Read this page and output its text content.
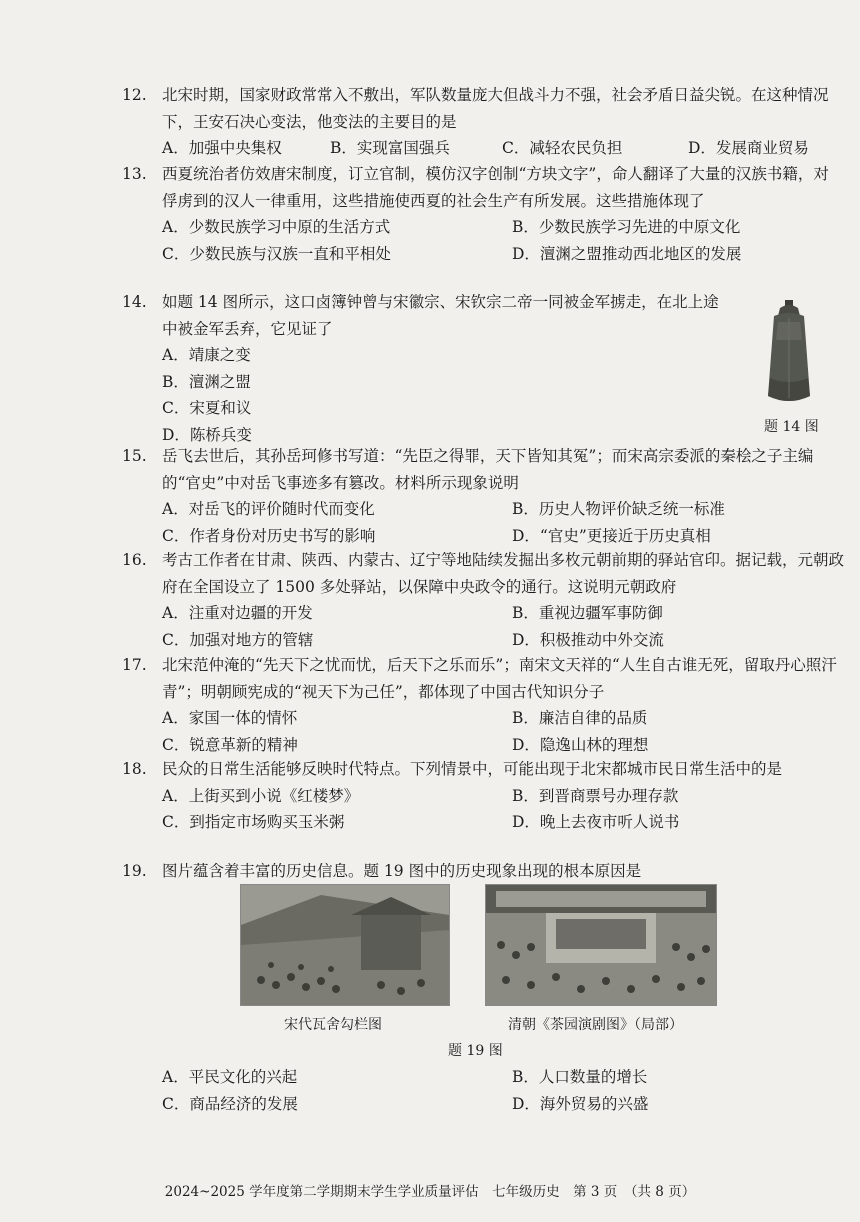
12. 北宋时期，国家财政常常入不敷出，军队数量庞大但战斗力不强，社会矛盾日益尖锐。在这种情况下，王安石决心变法，他变法的主要目的是
A．加强中央集权	B．实现富国强兵	C．减轻农民负担	D．发展商业贸易
13. 西夏统治者仿效唐宋制度，订立官制，模仿汉字创制“方块文字”，命人翻译了大量的汉族书籍，对俘虏到的汉人一律重用，这些措施使西夏的社会生产有所发展。这些措施体现了
A．少数民族学习中原的生活方式	B．少数民族学习先进的中原文化
C．少数民族与汉族一直和平相处	D．澶渊之盟推动西北地区的发展
14. 如题 14 图所示，这口卤簿钟曾与宋徽宗、宋钦宗二帝一同被金军掳走，在北上途中被金军丢弃，它见证了
A．靖康之变
B．澶渊之盟
C．宋夏和议
D．陈桥兵变	题 14 图
15. 岳飞去世后，其孙岳珂修书写道：“先臣之得罪，天下皆知其冤”；而宋高宗委派的秦桧之子主编的“官史”中对岳飞事迹多有篡改。材料所示现象说明
A．对岳飞的评价随时代而变化	B．历史人物评价缺乏统一标准
C．作者身份对历史书写的影响	D．“官史”更接近于历史真相
16. 考古工作者在甘肃、陕西、内蒙古、辽宁等地陆续发掘出多枚元朝前期的驿站官印。据记载，元朝政府在全国设立了 1500 多处驿站，以保障中央政令的通行。这说明元朝政府
A．注重对边疆的开发	B．重视边疆军事防御
C．加强对地方的管辖	D．积极推动中外交流
17. 北宋范仲淹的“先天下之忧而忧，后天下之乐而乐”；南宋文天祥的“人生自古谁无死，留取丹心照汗青”；明朝顾宪成的“视天下为己任”，都体现了中国古代知识分子
A．家国一体的情怀	B．廉洁自律的品质
C．锐意革新的精神	D．隐逸山林的理想
18. 民众的日常生活能够反映时代特点。下列情景中，可能出现于北宋都城市民日常生活中的是
A．上街买到小说《红楼梦》	B．到晋商票号办理存款
C．到指定市场购买玉米粥	D．晚上去夜市听人说书
19. 图片蕴含着丰富的历史信息。题 19 图中的历史现象出现的根本原因是
宋代瓦舍勾栏图	清朝《茶园演剧图》（局部）
题 19 图
A．平民文化的兴起	B．人口数量的增长
C．商品经济的发展	D．海外贸易的兴盛
2024~2025 学年度第二学期期末学生学业质量评估　七年级历史　第 3 页　（共 8 页）
